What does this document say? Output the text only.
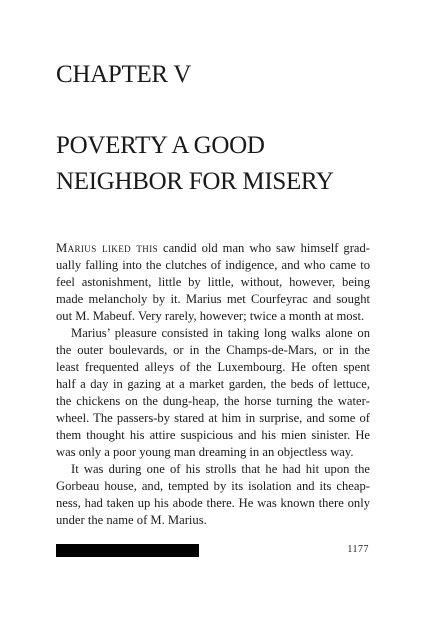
CHAPTER V
POVERTY A GOOD
NEIGHBOR FOR MISERY

Marius liked this candid old man who saw himself gradually falling into the clutches of indigence, and who came to feel astonishment, little by little, without, however, being made melancholy by it. Marius met Courfeyrac and sought out M. Mabeuf. Very rarely, however; twice a month at most.

Marius’ pleasure consisted in taking long walks alone on the outer boulevards, or in the Champs-de-Mars, or in the least frequented alleys of the Luxembourg. He often spent half a day in gazing at a market garden, the beds of lettuce, the chickens on the dung-heap, the horse turning the waterwheel. The passers-by stared at him in surprise, and some of them thought his attire suspicious and his mien sinister. He was only a poor young man dreaming in an objectless way.

It was during one of his strolls that he had hit upon the Gorbeau house, and, tempted by its isolation and its cheapness, had taken up his abode there. He was known there only under the name of M. Marius.

1177
